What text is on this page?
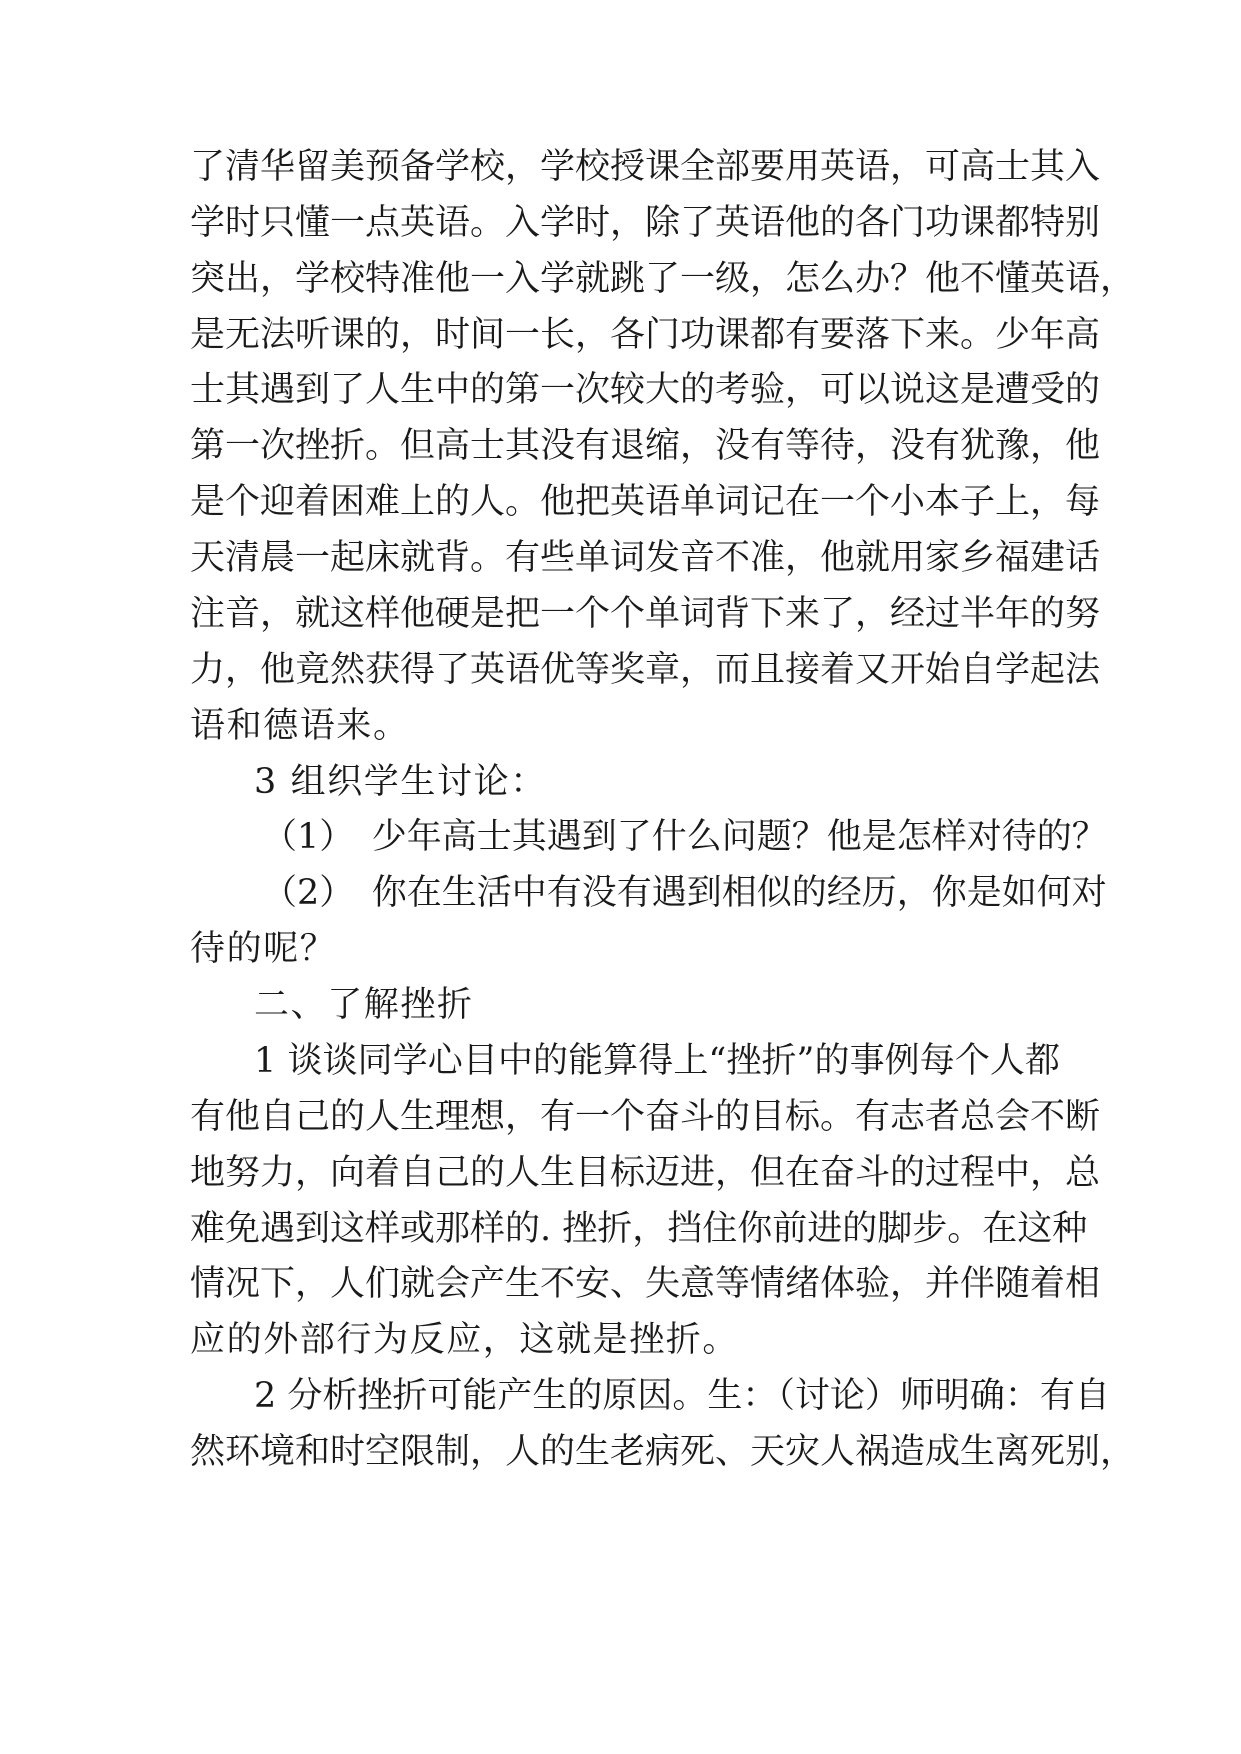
了清华留美预备学校，学校授课全部要用英语，可高士其入
学时只懂一点英语。入学时，除了英语他的各门功课都特别
突出，学校特准他一入学就跳了一级，怎么办？他不懂英语，
是无法听课的，时间一长，各门功课都有要落下来。少年高
士其遇到了人生中的第一次较大的考验，可以说这是遭受的
第一次挫折。但高士其没有退缩，没有等待，没有犹豫，他
是个迎着困难上的人。他把英语单词记在一个小本子上，每
天清晨一起床就背。有些单词发音不准，他就用家乡福建话
注音，就这样他硬是把一个个单词背下来了，经过半年的努
力，他竟然获得了英语优等奖章，而且接着又开始自学起法
语和德语来。
3 组织学生讨论：
（1）　少年高士其遇到了什么问题？他是怎样对待的？
（2）　你在生活中有没有遇到相似的经历，你是如何对
待的呢？
二、了解挫折
1 谈谈同学心目中的能算得上“挫折”的事例每个人都
有他自己的人生理想，有一个奋斗的目标。有志者总会不断
地努力，向着自己的人生目标迈进，但在奋斗的过程中，总
难免遇到这样或那样的. 挫折，挡住你前进的脚步。在这种
情况下，人们就会产生不安、失意等情绪体验，并伴随着相
应的外部行为反应，这就是挫折。
2 分析挫折可能产生的原因。生：（讨论）师明确：有自
然环境和时空限制，人的生老病死、天灾人祸造成生离死别，
